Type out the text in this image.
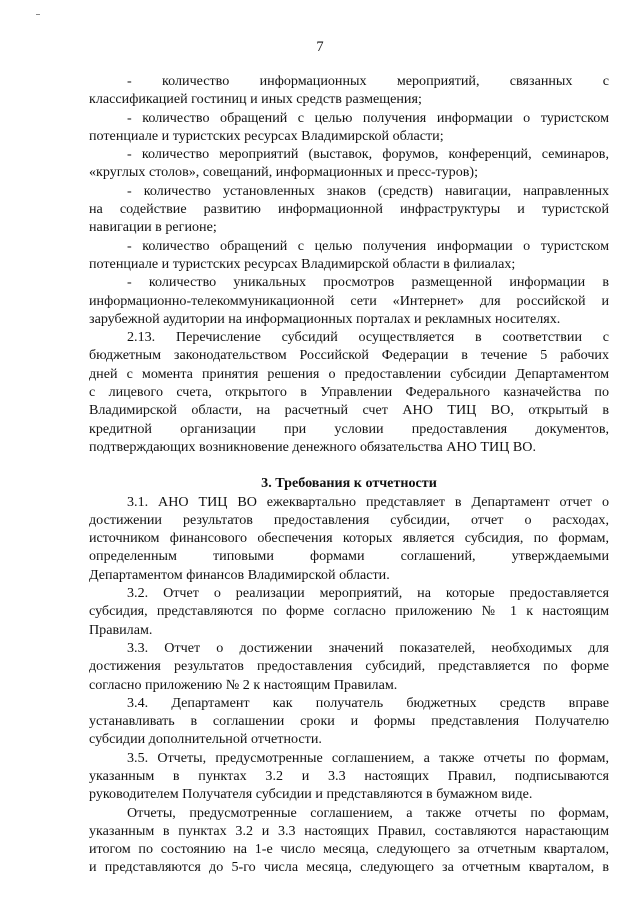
7
- количество информационных мероприятий, связанных с
классификацией гостиниц и иных средств размещения;
- количество обращений с целью получения информации о туристском
потенциале и туристских ресурсах Владимирской области;
- количество мероприятий (выставок, форумов, конференций, семинаров,
«круглых столов», совещаний, информационных и пресс-туров);
- количество установленных знаков (средств) навигации, направленных
на содействие развитию информационной инфраструктуры и туристской
навигации в регионе;
- количество обращений с целью получения информации о туристском
потенциале и туристских ресурсах Владимирской области в филиалах;
- количество уникальных просмотров размещенной информации в
информационно-телекоммуникационной сети «Интернет» для российской и
зарубежной аудитории на информационных порталах и рекламных носителях.
2.13. Перечисление субсидий осуществляется в соответствии с
бюджетным законодательством Российской Федерации в течение 5 рабочих
дней с момента принятия решения о предоставлении субсидии Департаментом
с лицевого счета, открытого в Управлении Федерального казначейства по
Владимирской области, на расчетный счет АНО ТИЦ ВО, открытый в
кредитной организации при условии предоставления документов,
подтверждающих возникновение денежного обязательства АНО ТИЦ ВО.
3. Требования к отчетности
3.1. АНО ТИЦ ВО ежеквартально представляет в Департамент отчет о
достижении результатов предоставления субсидии, отчет о расходах,
источником финансового обеспечения которых является субсидия, по формам,
определенным типовыми формами соглашений, утверждаемыми
Департаментом финансов Владимирской области.
3.2. Отчет о реализации мероприятий, на которые предоставляется
субсидия, представляются по форме согласно приложению № 1 к настоящим
Правилам.
3.3. Отчет о достижении значений показателей, необходимых для
достижения результатов предоставления субсидий, представляется по форме
согласно приложению № 2 к настоящим Правилам.
3.4. Департамент как получатель бюджетных средств вправе
устанавливать в соглашении сроки и формы представления Получателю
субсидии дополнительной отчетности.
3.5. Отчеты, предусмотренные соглашением, а также отчеты по формам,
указанным в пунктах 3.2 и 3.3 настоящих Правил, подписываются
руководителем Получателя субсидии и представляются в бумажном виде.
Отчеты, предусмотренные соглашением, а также отчеты по формам,
указанным в пунктах 3.2 и 3.3 настоящих Правил, составляются нарастающим
итогом по состоянию на 1-е число месяца, следующего за отчетным кварталом,
и представляются до 5-го числа месяца, следующего за отчетным кварталом, в
